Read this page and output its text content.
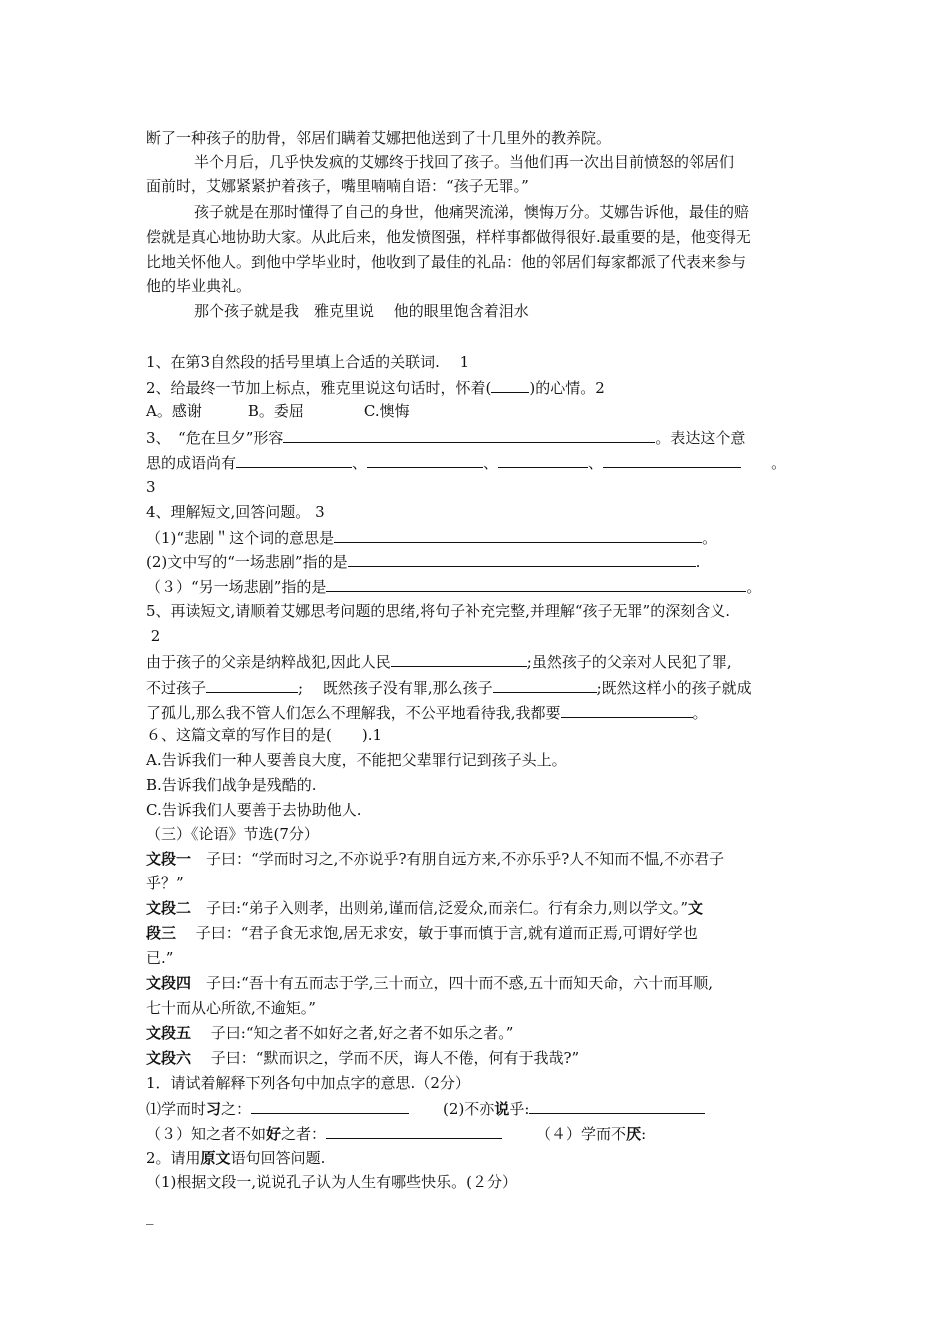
断了一种孩子的肋骨，邻居们瞒着艾娜把他送到了十几里外的教养院。
半个月后，几乎快发疯的艾娜终于找回了孩子。当他们再一次出目前愤怒的邻居们
面前时，艾娜紧紧护着孩子，嘴里喃喃自语：“孩子无罪。”
孩子就是在那时懂得了自己的身世，他痛哭流涕，懊悔万分。艾娜告诉他，最佳的赔
偿就是真心地协助大家。从此后来，他发愤图强，样样事都做得很好.最重要的是，他变得无
比地关怀他人。到他中学毕业时，他收到了最佳的礼品：他的邻居们每家都派了代表来参与
他的毕业典礼。
那个孩子就是我　雅克里说　 他的眼里饱含着泪水
1、在第3自然段的括号里填上合适的关联词.　 1
2、给最终一节加上标点，雅克里说这句话时，怀着(	)的心情。2
A。感谢	B。委屈	C.懊悔
3、　“危在旦夕”形容	。表达这个意
思的成语尚有	、	、	、	。
3
4、理解短文,回答问题。 3
（1)“悲剧＂这个词的意思是	。
(2)文中写的“一场悲剧”指的是	.
（３）“另一场悲剧”指的是	。
5、再读短文,请顺着艾娜思考问题的思绪,将句子补充完整,并理解“孩子无罪”的深刻含义.
2
由于孩子的父亲是纳粹战犯,因此人民	;虽然孩子的父亲对人民犯了罪,
不过孩子	;　 既然孩子没有罪,那么孩子	;既然这样小的孩子就成
了孤儿,那么我不管人们怎么不理解我，不公平地看待我,我都要	。
６、这篇文章的写作目的是(　　).1
A.告诉我们一种人要善良大度，不能把父辈罪行记到孩子头上。
B.告诉我们战争是残酷的.
C.告诉我们人要善于去协助他人.
（三）《论语》节选(7分）
文段一　子曰：“学而时习之,不亦说乎?有朋自远方来,不亦乐乎?人不知而不愠,不亦君子
乎？”
文段二　子曰:“弟子入则孝，出则弟,谨而信,泛爱众,而亲仁。行有余力,则以学文。”文
段三　 子曰：“君子食无求饱,居无求安，敏于事而慎于言,就有道而正焉,可谓好学也
已.”
文段四　子曰:“吾十有五而志于学,三十而立，四十而不惑,五十而知天命，六十而耳顺,
七十而从心所欲,不逾矩。”
文段五　 子曰:“知之者不如好之者,好之者不如乐之者。”
文段六　 子曰：“默而识之，学而不厌，诲人不倦，何有于我哉?”
1．请试着解释下列各句中加点字的意思.（2分）
⑴学而时习之：	(2)不亦说乎:
（３）知之者不如好之者：	（４）学而不厌:
2。请用原文语句回答问题.
（1)根据文段一,说说孔子认为人生有哪些快乐。(２分）
_
